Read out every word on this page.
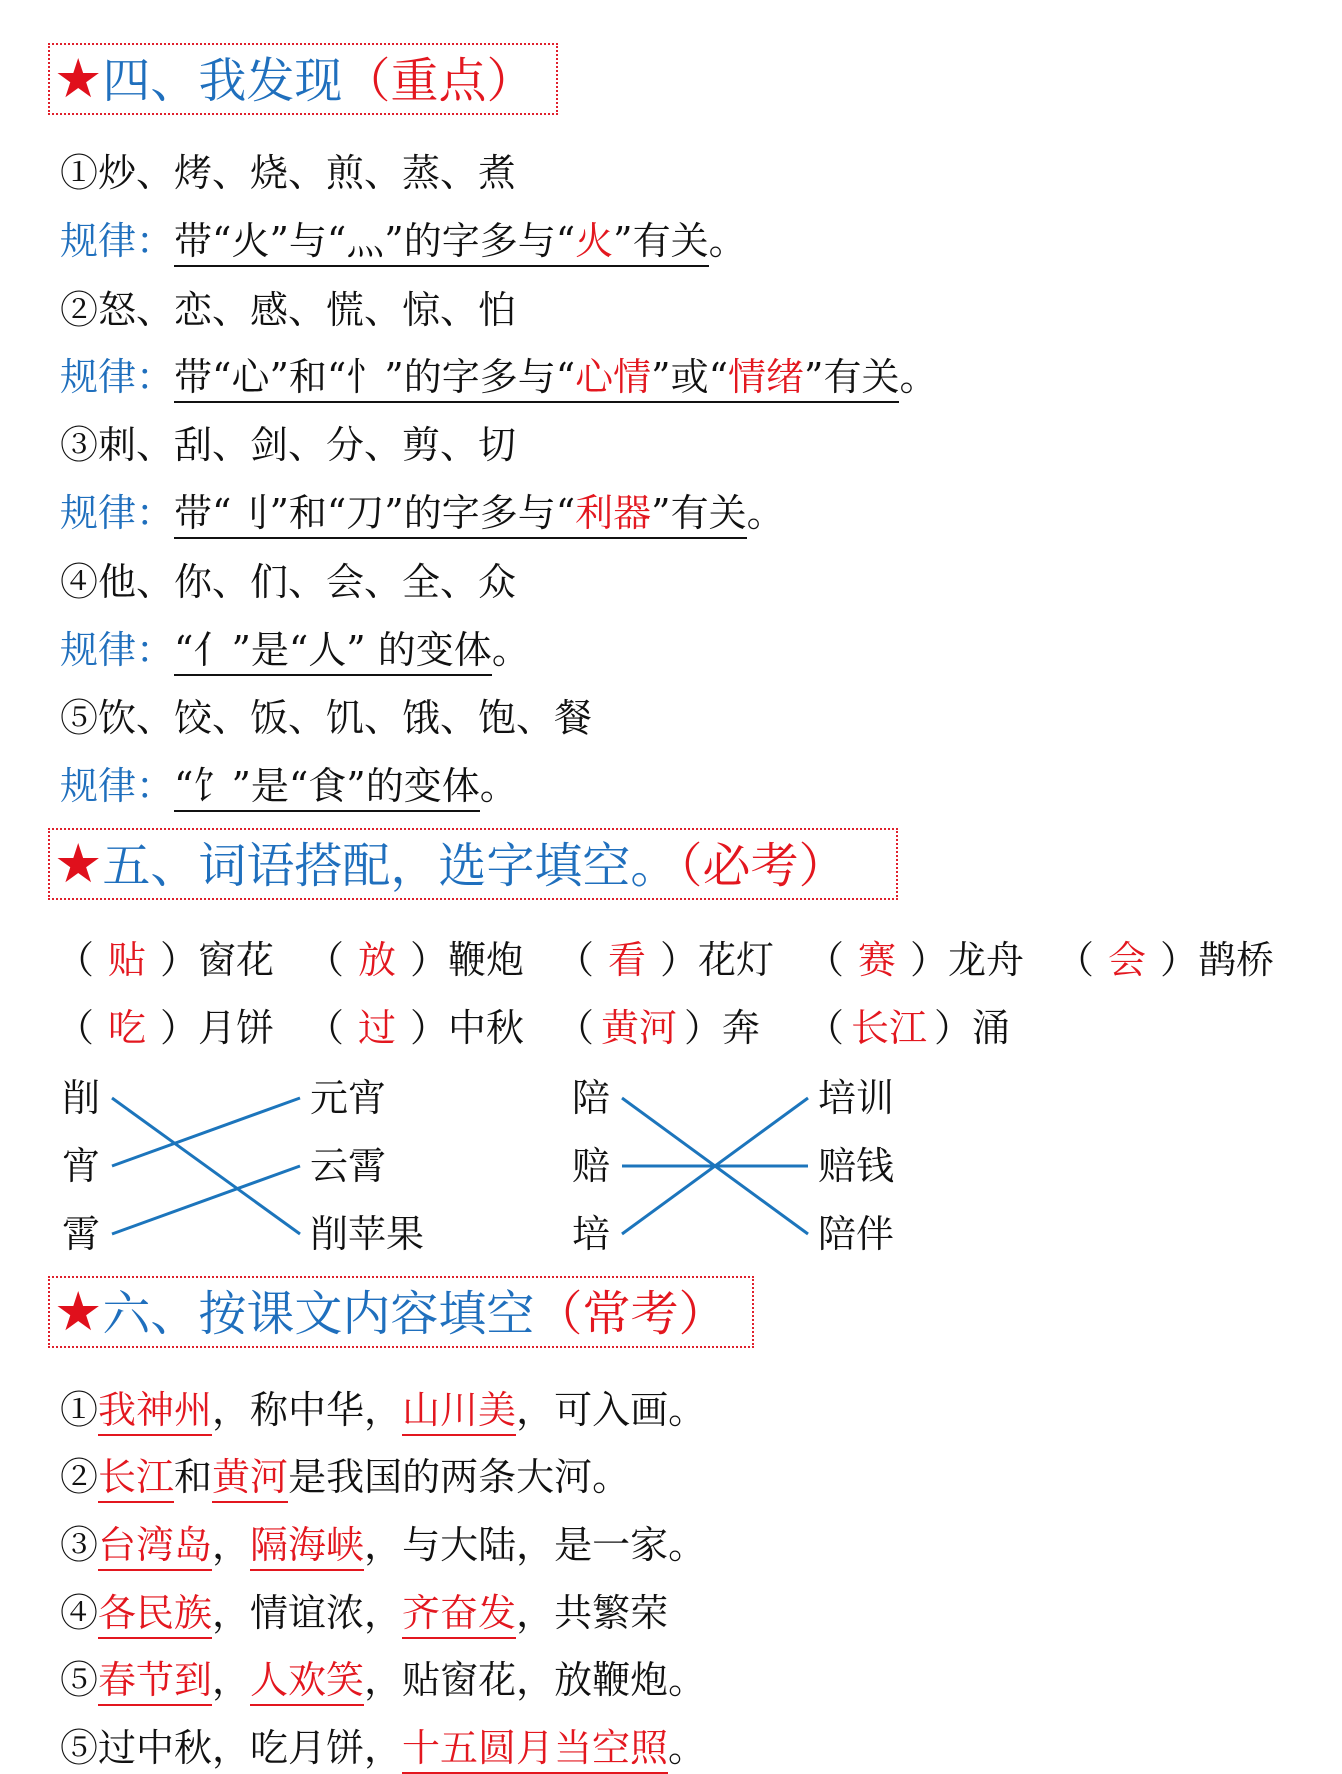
★四、我发现（重点）
①炒、烤、烧、煎、蒸、煮
规律：带“火”与“灬”的字多与“火”有关。
②怒、恋、感、慌、惊、怕
规律：带“心”和“忄”的字多与“心情”或“情绪”有关。
③刺、刮、剑、分、剪、切
规律：带“刂”和“刀”的字多与“利器”有关。
④他、你、们、会、全、众
规律：“亻”是“人” 的变体。
⑤饮、饺、饭、饥、饿、饱、餐
规律：“饣”是“食”的变体。
★五、词语搭配，选字填空。（必考）
（ 贴 ）窗花 （ 放 ）鞭炮 （ 看 ）花灯 （ 赛 ）龙舟 （ 会 ）鹊桥
（ 吃 ）月饼 （ 过 ）中秋 （ 黄河 ）奔 （ 长江 ）涌
削
宵
霄
元宵
云霄
削苹果
陪
赔
培
培训
赔钱
陪伴
★六、按课文内容填空（常考）
①我神州，称中华，山川美，可入画。
②长江和黄河是我国的两条大河。
③台湾岛，隔海峡，与大陆，是一家。
④各民族，情谊浓，齐奋发，共繁荣
⑤春节到，人欢笑，贴窗花，放鞭炮。
⑤过中秋，吃月饼，十五圆月当空照。
